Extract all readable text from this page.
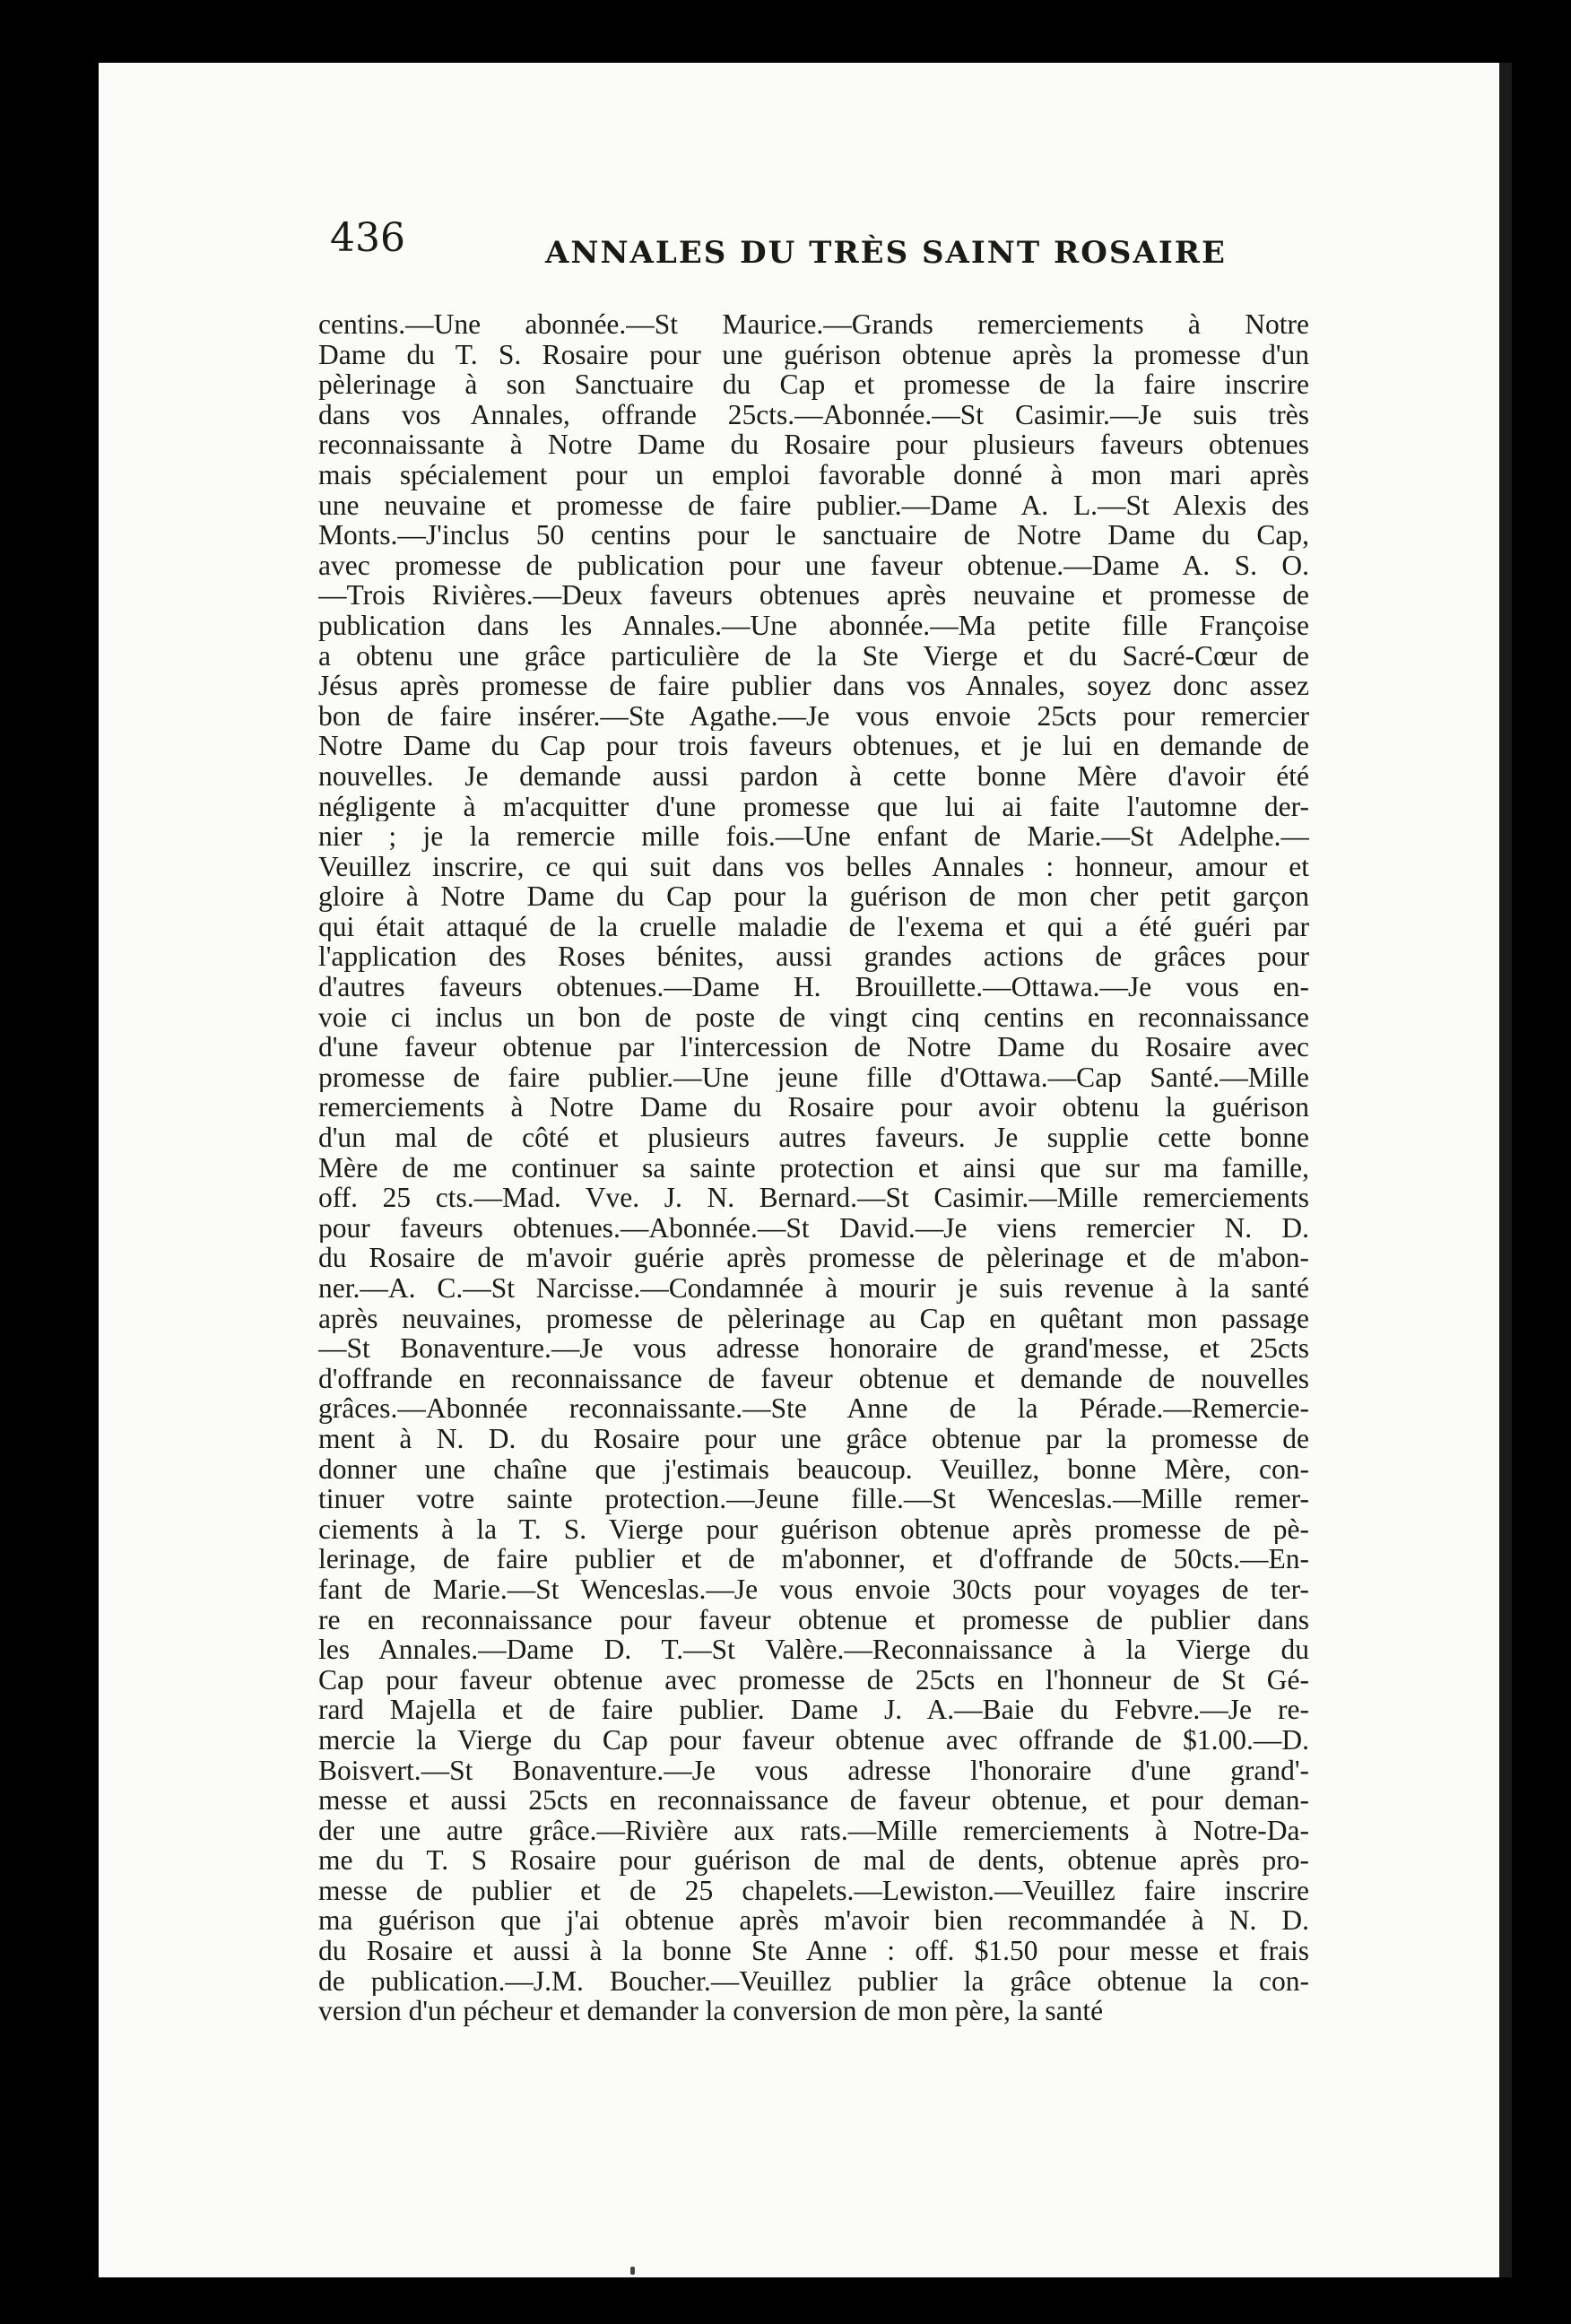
436	ANNALES DU TRÈS SAINT ROSAIRE
centins.—Une abonnée.—St Maurice.—Grands remerciements à Notre
Dame du T. S. Rosaire pour une guérison obtenue après la promesse d'un
pèlerinage à son Sanctuaire du Cap et promesse de la faire inscrire
dans vos Annales, offrande 25cts.—Abonnée.—St Casimir.—Je suis très
reconnaissante à Notre Dame du Rosaire pour plusieurs faveurs obtenues
mais spécialement pour un emploi favorable donné à mon mari après
une neuvaine et promesse de faire publier.—Dame A. L.—St Alexis des
Monts.—J'inclus 50 centins pour le sanctuaire de Notre Dame du Cap,
avec promesse de publication pour une faveur obtenue.—Dame A. S. O.
—Trois Rivières.—Deux faveurs obtenues après neuvaine et promesse de
publication dans les Annales.—Une abonnée.—Ma petite fille Françoise
a obtenu une grâce particulière de la Ste Vierge et du Sacré-Cœur de
Jésus après promesse de faire publier dans vos Annales, soyez donc assez
bon de faire insérer.—Ste Agathe.—Je vous envoie 25cts pour remercier
Notre Dame du Cap pour trois faveurs obtenues, et je lui en demande de
nouvelles. Je demande aussi pardon à cette bonne Mère d'avoir été
négligente à m'acquitter d'une promesse que lui ai faite l'automne der-
nier ; je la remercie mille fois.—Une enfant de Marie.—St Adelphe.—
Veuillez inscrire, ce qui suit dans vos belles Annales : honneur, amour et
gloire à Notre Dame du Cap pour la guérison de mon cher petit garçon
qui était attaqué de la cruelle maladie de l'exema et qui a été guéri par
l'application des Roses bénites, aussi grandes actions de grâces pour
d'autres faveurs obtenues.—Dame H. Brouillette.—Ottawa.—Je vous en-
voie ci inclus un bon de poste de vingt cinq centins en reconnaissance
d'une faveur obtenue par l'intercession de Notre Dame du Rosaire avec
promesse de faire publier.—Une jeune fille d'Ottawa.—Cap Santé.—Mille
remerciements à Notre Dame du Rosaire pour avoir obtenu la guérison
d'un mal de côté et plusieurs autres faveurs. Je supplie cette bonne
Mère de me continuer sa sainte protection et ainsi que sur ma famille,
off. 25 cts.—Mad. Vve. J. N. Bernard.—St Casimir.—Mille remerciements
pour faveurs obtenues.—Abonnée.—St David.—Je viens remercier N. D.
du Rosaire de m'avoir guérie après promesse de pèlerinage et de m'abon-
ner.—A. C.—St Narcisse.—Condamnée à mourir je suis revenue à la santé
après neuvaines, promesse de pèlerinage au Cap en quêtant mon passage
—St Bonaventure.—Je vous adresse honoraire de grand'messe, et 25cts
d'offrande en reconnaissance de faveur obtenue et demande de nouvelles
grâces.—Abonnée reconnaissante.—Ste Anne de la Pérade.—Remercie-
ment à N. D. du Rosaire pour une grâce obtenue par la promesse de
donner une chaîne que j'estimais beaucoup. Veuillez, bonne Mère, con-
tinuer votre sainte protection.—Jeune fille.—St Wenceslas.—Mille remer-
ciements à la T. S. Vierge pour guérison obtenue après promesse de pè-
lerinage, de faire publier et de m'abonner, et d'offrande de 50cts.—En-
fant de Marie.—St Wenceslas.—Je vous envoie 30cts pour voyages de ter-
re en reconnaissance pour faveur obtenue et promesse de publier dans
les Annales.—Dame D. T.—St Valère.—Reconnaissance à la Vierge du
Cap pour faveur obtenue avec promesse de 25cts en l'honneur de St Gé-
rard Majella et de faire publier. Dame J. A.—Baie du Febvre.—Je re-
mercie la Vierge du Cap pour faveur obtenue avec offrande de $1.00.—D.
Boisvert.—St Bonaventure.—Je vous adresse l'honoraire d'une grand'-
messe et aussi 25cts en reconnaissance de faveur obtenue, et pour deman-
der une autre grâce.—Rivière aux rats.—Mille remerciements à Notre-Da-
me du T. S Rosaire pour guérison de mal de dents, obtenue après pro-
messe de publier et de 25 chapelets.—Lewiston.—Veuillez faire inscrire
ma guérison que j'ai obtenue après m'avoir bien recommandée à N. D.
du Rosaire et aussi à la bonne Ste Anne : off. $1.50 pour messe et frais
de publication.—J.M. Boucher.—Veuillez publier la grâce obtenue la con-
version d'un pécheur et demander la conversion de mon père, la santé
